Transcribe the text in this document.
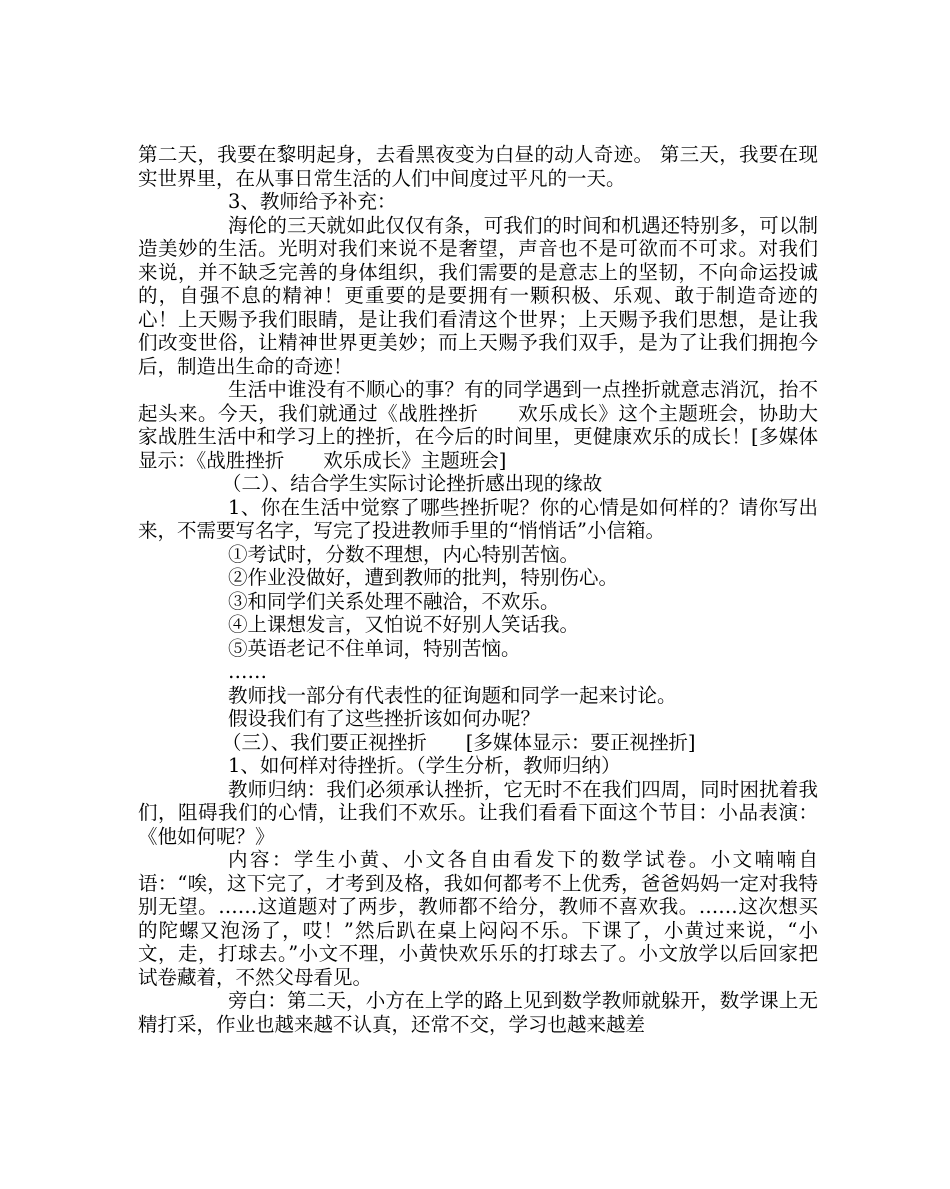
第二天，我要在黎明起身，去看黑夜变为白昼的动人奇迹。 第三天，我要在现实世界里，在从事日常生活的人们中间度过平凡的一天。

3、教师给予补充：

海伦的三天就如此仅仅有条，可我们的时间和机遇还特别多，可以制造美妙的生活。光明对我们来说不是奢望，声音也不是可欲而不可求。对我们来说，并不缺乏完善的身体组织，我们需要的是意志上的坚韧，不向命运投诚的，自强不息的精神！更重要的是要拥有一颗积极、乐观、敢于制造奇迹的心！上天赐予我们眼睛，是让我们看清这个世界；上天赐予我们思想，是让我们改变世俗，让精神世界更美妙；而上天赐予我们双手，是为了让我们拥抱今后，制造出生命的奇迹！

生活中谁没有不顺心的事？有的同学遇到一点挫折就意志消沉，抬不起头来。今天，我们就通过《战胜挫折　　欢乐成长》这个主题班会，协助大家战胜生活中和学习上的挫折，在今后的时间里，更健康欢乐的成长！[多媒体显示：《战胜挫折　　欢乐成长》主题班会]

（二）、结合学生实际讨论挫折感出现的缘故

1、你在生活中觉察了哪些挫折呢？你的心情是如何样的？请你写出来，不需要写名字，写完了投进教师手里的“悄悄话”小信箱。

①考试时，分数不理想，内心特别苦恼。

②作业没做好，遭到教师的批判，特别伤心。

③和同学们关系处理不融洽，不欢乐。

④上课想发言，又怕说不好别人笑话我。

⑤英语老记不住单词，特别苦恼。

……

教师找一部分有代表性的征询题和同学一起来讨论。

假设我们有了这些挫折该如何办呢？

（三）、我们要正视挫折　　[多媒体显示：要正视挫折]

1、如何样对待挫折。（学生分析，教师归纳）

教师归纳：我们必须承认挫折，它无时不在我们四周，同时困扰着我们，阻碍我们的心情，让我们不欢乐。让我们看看下面这个节目：小品表演：《他如何呢？》

内容：学生小黄、小文各自由看发下的数学试卷。小文喃喃自语：“唉，这下完了，才考到及格，我如何都考不上优秀，爸爸妈妈一定对我特别无望。……这道题对了两步，教师都不给分，教师不喜欢我。……这次想买的陀螺又泡汤了，哎！”然后趴在桌上闷闷不乐。下课了，小黄过来说，“小文，走，打球去。”小文不理，小黄快欢乐乐的打球去了。小文放学以后回家把试卷藏着，不然父母看见。

旁白：第二天，小方在上学的路上见到数学教师就躲开，数学课上无精打采，作业也越来越不认真，还常不交，学习也越来越差
